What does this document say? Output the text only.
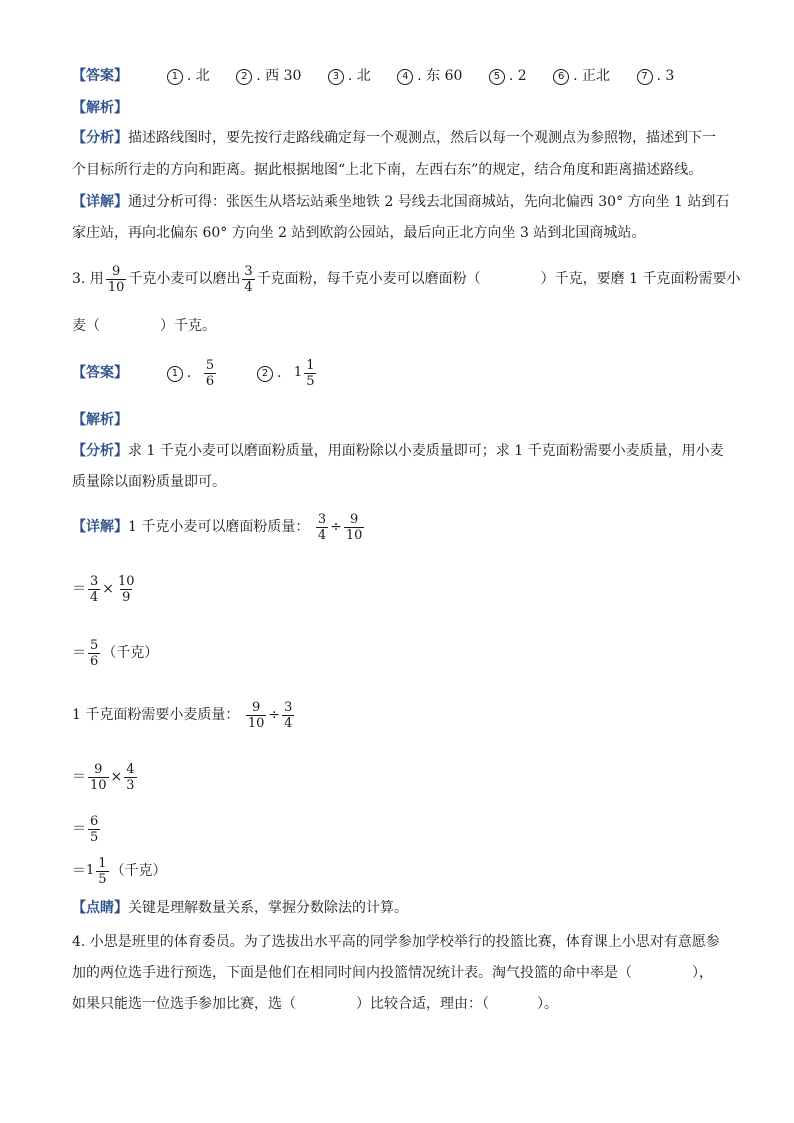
【答案】	1 . 北	2 . 西 30	3 . 北	4 . 东 60	5 . 2	6 . 正北	7 . 3
【解析】
【分析】描述路线图时，要先按行走路线确定每一个观测点，然后以每一个观测点为参照物，描述到下一
个目标所行走的方向和距离。据此根据地图“上北下南，左西右东”的规定，结合角度和距离描述路线。
【详解】通过分析可得：张医生从塔坛站乘坐地铁 2 号线去北国商城站，先向北偏西 30° 方向坐 1 站到石
家庄站，再向北偏东 60° 方向坐 2 站到欧韵公园站，最后向正北方向坐 3 站到北国商城站。
3. 用 $\frac{9}{10}$ 千克小麦可以磨出 $\frac{3}{4}$ 千克面粉，每千克小麦可以磨面粉（	）千克，要磨 1 千克面粉需要小
麦（	）千克。
【答案】	1 . $\frac{5}{6}$	2 . $1 \frac{1}{5}$
【解析】
【分析】求 1 千克小麦可以磨面粉质量，用面粉除以小麦质量即可；求 1 千克面粉需要小麦质量，用小麦
质量除以面粉质量即可。
【详解】1 千克小麦可以磨面粉质量： $\frac{3}{4} \div \frac{9}{10}$
＝ $\frac{3}{4} \times \frac{10}{9}$
＝ $\frac{5}{6}$ （千克）
1 千克面粉需要小麦质量： $\frac{9}{10} \div \frac{3}{4}$
＝ $\frac{9}{10} \times \frac{4}{3}$
＝ $\frac{6}{5}$
$=1 \frac{1}{5}$ （千克）
【点睛】关键是理解数量关系，掌握分数除法的计算。
4. 小思是班里的体育委员。为了选拔出水平高的同学参加学校举行的投篮比赛，体育课上小思对有意愿参
加的两位选手进行预选，下面是他们在相同时间内投篮情况统计表。淘气投篮的命中率是（	），
如果只能选一位选手参加比赛，选（	）比较合适，理由：（	）。
